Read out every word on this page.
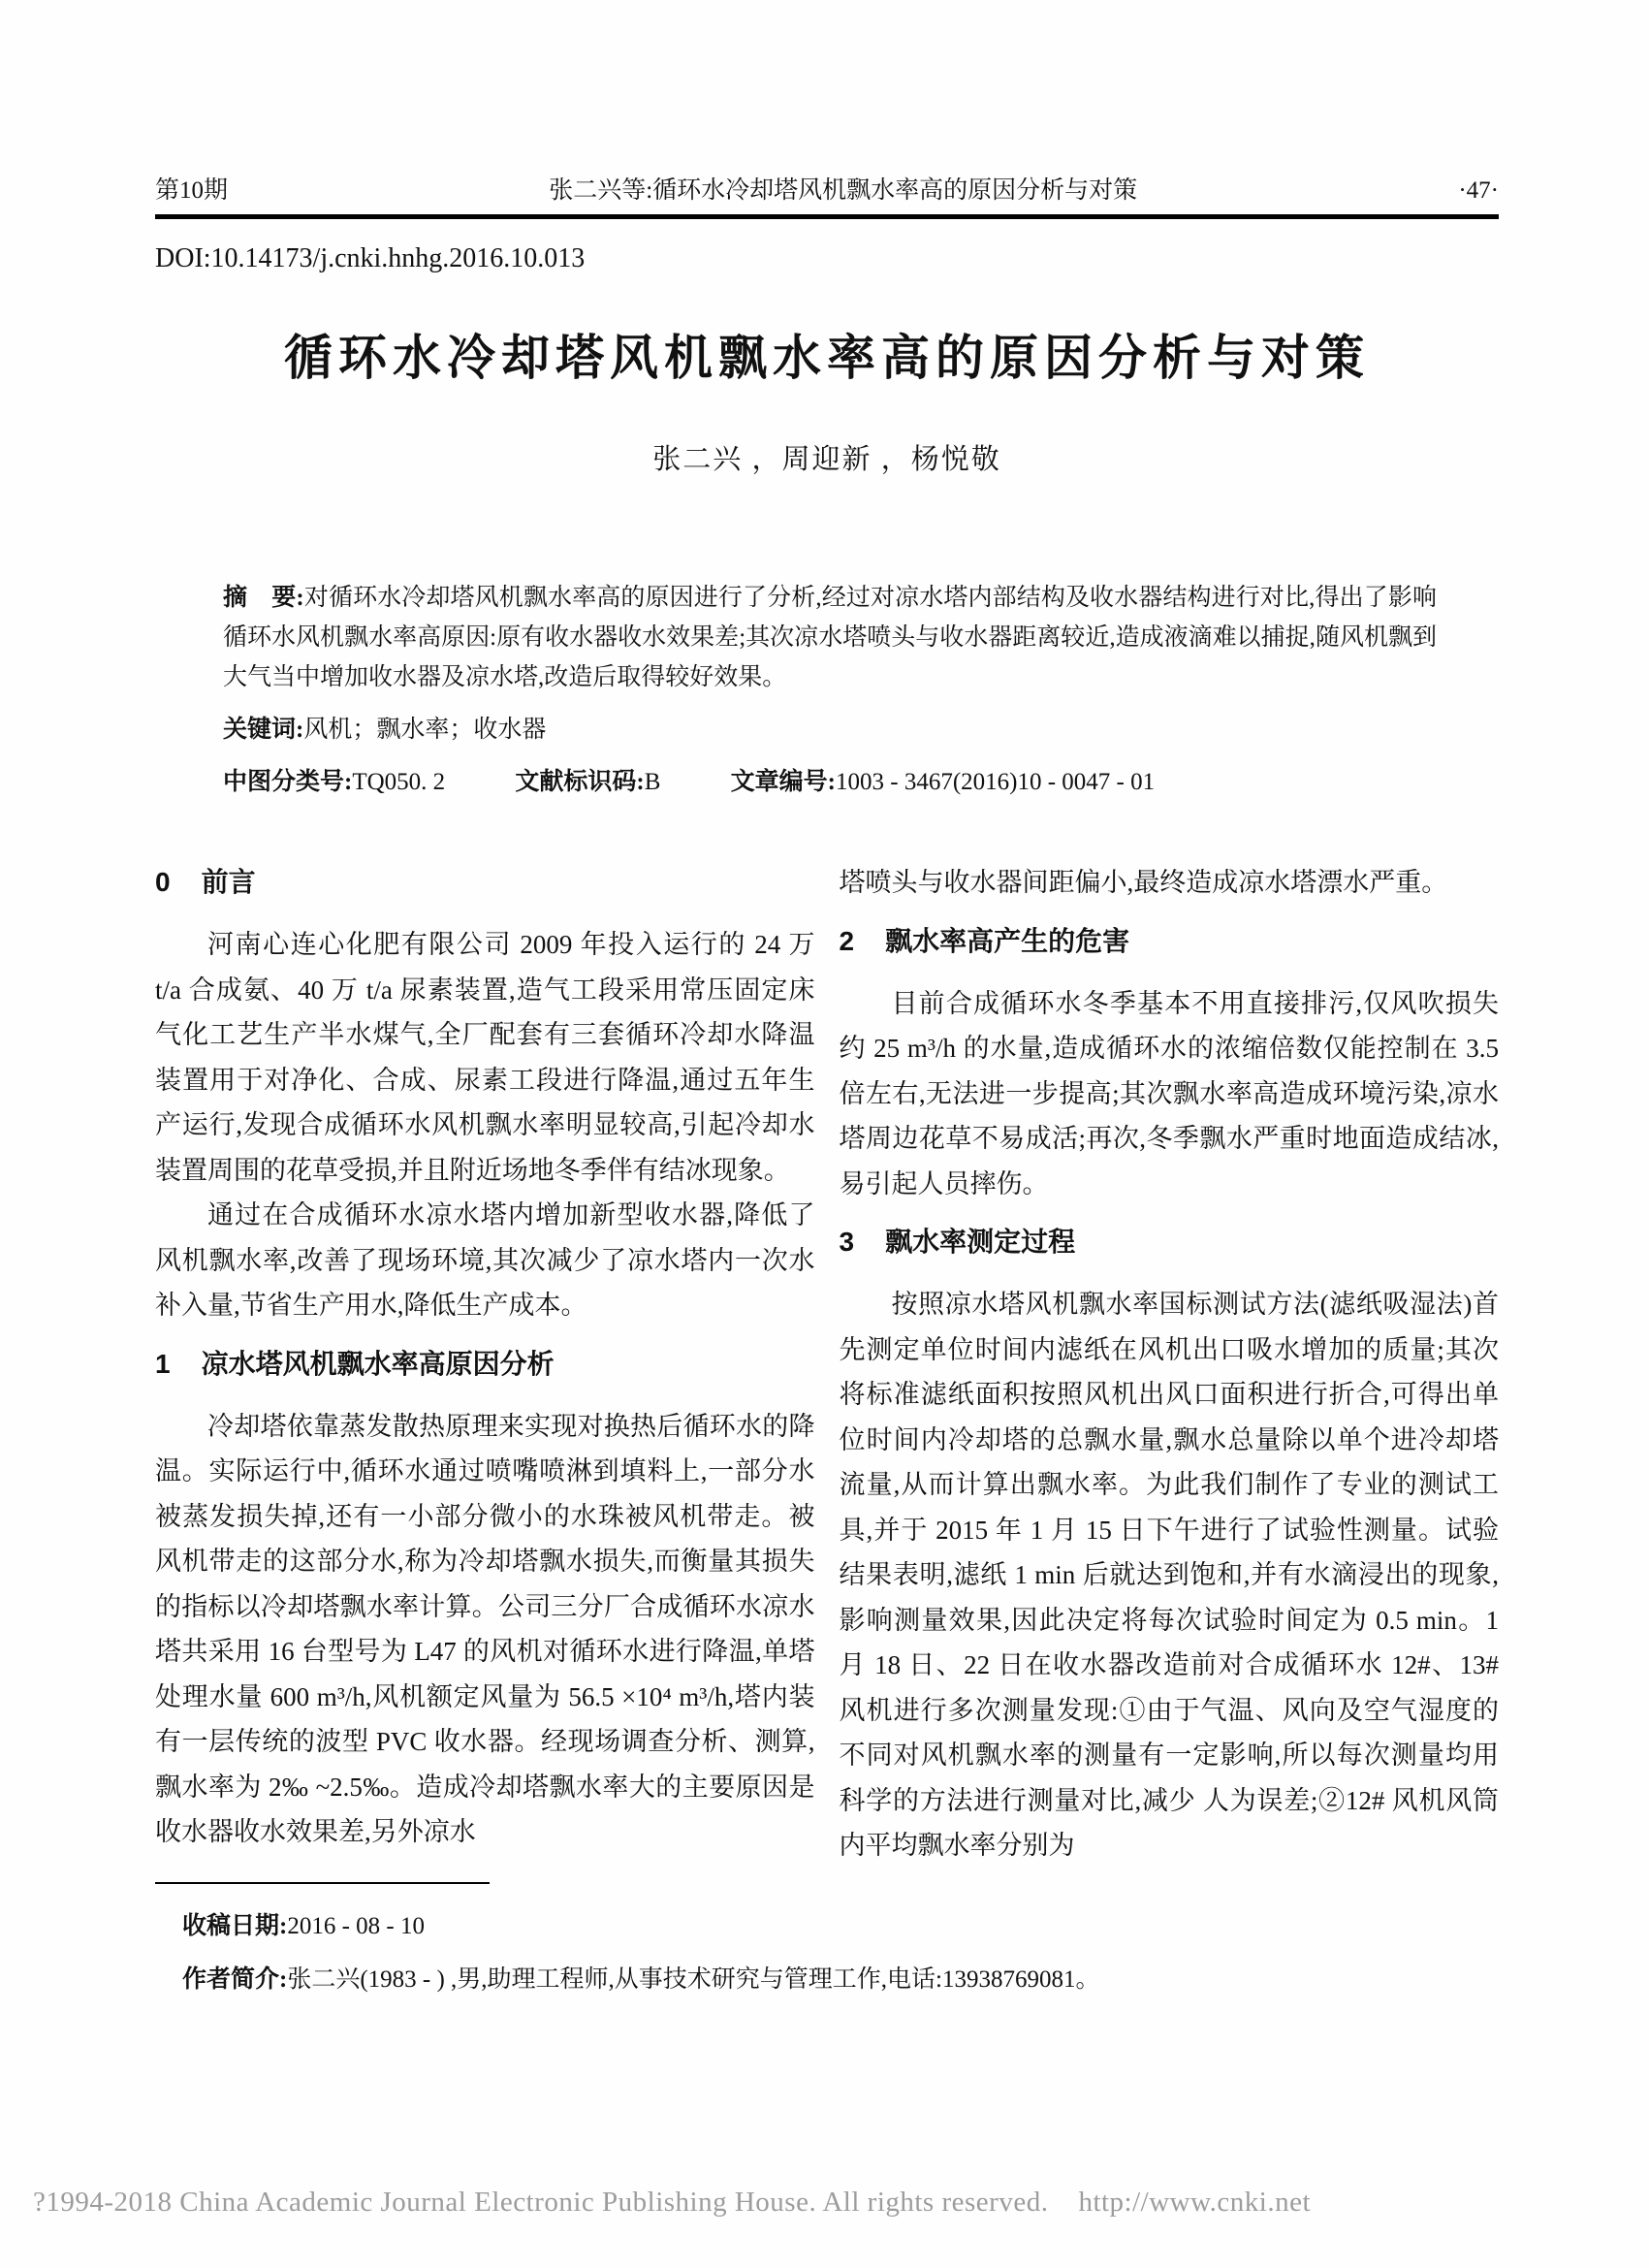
第10期	张二兴等:循环水冷却塔风机飘水率高的原因分析与对策	·47·
DOI:10.14173/j.cnki.hnhg.2016.10.013
循环水冷却塔风机飘水率高的原因分析与对策
张二兴 ，周迎新 ，杨悦敬
摘　要:对循环水冷却塔风机飘水率高的原因进行了分析,经过对凉水塔内部结构及收水器结构进行对比,得出了影响循环水风机飘水率高原因:原有收水器收水效果差;其次凉水塔喷头与收水器距离较近,造成液滴难以捕捉,随风机飘到大气当中增加收水器及凉水塔,改造后取得较好效果。
关键词:风机；飘水率；收水器
中图分类号:TQ050. 2	文献标识码:B	文章编号:1003 - 3467(2016)10 - 0047 - 01
0 前言

河南心连心化肥有限公司 2009 年投入运行的 24 万 t/a 合成氨、40 万 t/a 尿素装置,造气工段采用常压固定床气化工艺生产半水煤气,全厂配套有三套循环冷却水降温装置用于对净化、合成、尿素工段进行降温,通过五年生产运行,发现合成循环水风机飘水率明显较高,引起冷却水装置周围的花草受损,并且附近场地冬季伴有结冰现象。

通过在合成循环水凉水塔内增加新型收水器,降低了风机飘水率,改善了现场环境,其次减少了凉水塔内一次水补入量,节省生产用水,降低生产成本。

1 凉水塔风机飘水率高原因分析

冷却塔依靠蒸发散热原理来实现对换热后循环水的降温。实际运行中,循环水通过喷嘴喷淋到填料上,一部分水被蒸发损失掉,还有一小部分微小的水珠被风机带走。被风机带走的这部分水,称为冷却塔飘水损失,而衡量其损失的指标以冷却塔飘水率计算。公司三分厂合成循环水凉水塔共采用 16 台型号为 L47 的风机对循环水进行降温,单塔处理水量 600 m³/h,风机额定风量为 56.5 ×10⁴ m³/h,塔内装有一层传统的波型 PVC 收水器。经现场调查分析、测算,飘水率为 2‰ ~2.5‰。造成冷却塔飘水率大的主要原因是收水器收水效果差,另外凉水

塔喷头与收水器间距偏小,最终造成凉水塔漂水严重。

2 飘水率高产生的危害

目前合成循环水冬季基本不用直接排污,仅风吹损失约 25 m³/h 的水量,造成循环水的浓缩倍数仅能控制在 3.5 倍左右,无法进一步提高;其次飘水率高造成环境污染,凉水塔周边花草不易成活;再次,冬季飘水严重时地面造成结冰,易引起人员摔伤。

3 飘水率测定过程

按照凉水塔风机飘水率国标测试方法(滤纸吸湿法)首先测定单位时间内滤纸在风机出口吸水增加的质量;其次将标准滤纸面积按照风机出风口面积进行折合,可得出单位时间内冷却塔的总飘水量,飘水总量除以单个进冷却塔流量,从而计算出飘水率。为此我们制作了专业的测试工具,并于 2015 年 1 月 15 日下午进行了试验性测量。试验结果表明,滤纸 1 min 后就达到饱和,并有水滴浸出的现象,影响测量效果,因此决定将每次试验时间定为 0.5 min。1 月 18 日、22 日在收水器改造前对合成循环水 12#、13# 风机进行多次测量发现:①由于气温、风向及空气湿度的不同对风机飘水率的测量有一定影响,所以每次测量均用科学的方法进行测量对比,减少 人为误差;②12# 风机风筒内平均飘水率分别为

收稿日期:2016 - 08 - 10
作者简介:张二兴(1983 - ) ,男,助理工程师,从事技术研究与管理工作,电话:13938769081。
?1994-2018 China Academic Journal Electronic Publishing House. All rights reserved.    http://www.cnki.net
